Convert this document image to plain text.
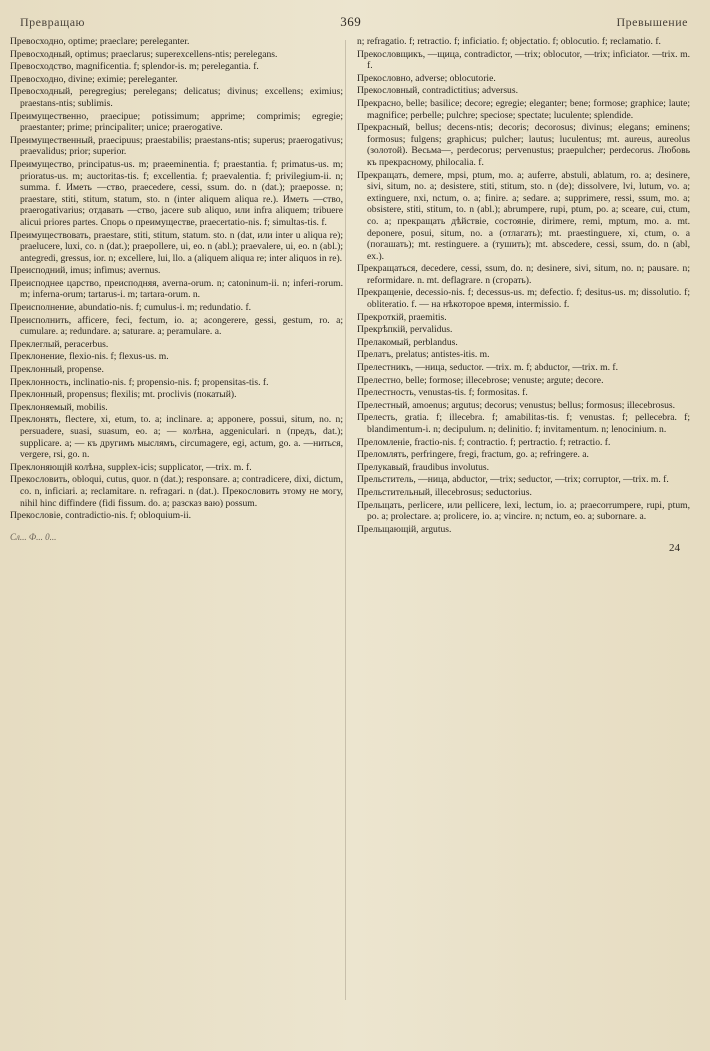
Превращаю	369	Превышение
Превосходно, optime; praeclare; pereleganter.
Превосходный, optimus; praeclarus; superexcellens-ntis; perelegans.
Превосходство, magnificentia. f; splendor-is. m; perelegantia. f.
Превосходно, divine; eximie; pereleganter.
Превосходный, peregregius; perelegans; delicatus; divinus; excellens; eximius; praestans-ntis; sublimis.
Преимущественно, praecipue; potissimum; apprime; comprimis; egregie; praestanter; prime; principaliter; unice; praerogative.
Преимущественный, praecipuus; praestabilis; praestans-ntis; superus; praerogativus; praevalidus; prior; superior.
Преимущество, principatus-us. m; praeeminentia. f; praestantia. f; primatus-us. m; prioratus-us. m; auctoritas-tis. f; excellentia. f; praevalentia. f; privilegium-ii. n; summa. f. Иметь —ство, praecedere, cessi, ssum. do. n (dat.); praeposse. n; praestare, stiti, stitum, statum, sto. n (inter aliquem aliqua re.). Иметь —ство, praerogativarius; отдавать —ство, jacere sub aliquo, или infra aliquem; tribuere alicui priores partes. Спорь о преимуществе, praecertatio-nis. f; simultas-tis. f.
Преимуществовать, praestare, stiti, stitum, statum. sto. n (dat, или inter u aliqua re); praelucere, luxi, co. n (dat.); praepollere, ui, eo. n (abl.); praevalere, ui, eo. n (abl.); antegredi, gressus, ior. n; excellere, lui, llo. a (aliquem aliqua re; inter aliquos in re).
Преисподний, imus; infimus; avernus.
Преисподнее царство, преисподняя, averna-orum. n; catoninum-ii. n; inferi-rorum. m; inferna-orum; tartarus-i. m; tartara-orum. n.
Преисполнение, abundatio-nis. f; cumulus-i. m; redundatio. f.
Преисполнить, afficere, feci, fectum, io. a; acongerere, gessi, gestum, ro. a; cumulare. a; redundare. a; saturare. a; peramulare. a.
Преклеглый, peracerbus.
Преклонение, flexio-nis. f; flexus-us. m.
Преклонный, propense.
Преклонность, inclinatio-nis. f; propensio-nis. f; propensitas-tis. f.
Преклонный, propensus; flexilis; mt. proclivis (покатый).
Преклоняемый, mobilis.
Преклонять, flectere, xi, etum, to. a; inclinare. a; apponere, possui, situm, no. n; persuadere, suasi, suasum, eo. a; — колѣна, aggeniculari. n (предъ, dat.); supplicare. a; — къ другимъ мыслямъ, circumagere, egi, actum, go. a. —ниться, vergere, rsi, go. n.
Преклоняющій колѣна, supplex-icis; supplicator, —trix. m. f.
Прекословить, obloqui, cutus, quor. n (dat.); responsare. a; contradicere, dixi, dictum, co. n, inficiari. a; reclamitare. n. refragari. n (dat.). Прекословить этому не могу, nihil hinc diffindere (fidi fissum. do. a; разсказ ваю) possum.
Прекословіе, contradictio-nis. f; obloquium-ii.
Сл... Ф... 0...
n; refragatio. f; retractio. f; inficiatio. f; objectatio. f; oblocutio. f; reclamatio. f.
Прекословщикъ, —щица, contradictor, —trix; oblocutor, —trix; inficiator. —trix. m. f.
Прекословно, adverse; oblocutorie.
Прекословный, contradictitius; adversus.
Прекрасно, belle; basilice; decore; egregie; eleganter; bene; formose; graphice; laute; magnifice; perbelle; pulchre; speciose; spectate; luculente; splendide.
Прекрасный, bellus; decens-ntis; decoris; decorosus; divinus; elegans; eminens; formosus; fulgens; graphicus; pulcher; lautus; luculentus; mt. aureus, aureolus (золотой). Весьма—, perdecorus; pervenustus; praepulcher; perdecorus. Любовь къ прекрасному, philocalia. f.
Прекращать, demere, mpsi, ptum, mo. a; auferre, abstuli, ablatum, ro. a; desinere, sivi, situm, no. a; desistere, stiti, stitum, sto. n (de); dissolvere, lvi, lutum, vo. a; extinguere, nxi, nctum, o. a; finire. a; sedare. a; supprimere, ressi, ssum, mo. a; obsistere, stiti, stitum, to. n (abl.); abrumpere, rupi, ptum, po. a; sceare, cui, ctum, co. a; прекращать дѣйствіе, состояніе, dirimere, remi, mptum, mo. a. mt. deponere, posui, situm, no. a (отлагать); mt. praestinguere, xi, ctum, o. a (погашать); mt. restinguere. a (тушить); mt. abscedere, cessi, ssum, do. n (abl, ex.).
Прекращаться, decedere, cessi, ssum, do. n; desinere, sivi, situm, no. n; pausare. n; reformidare. n. mt. deflagrare. n (сгорать).
Прекращеніе, decessio-nis. f; decessus-us. m; defectio. f; desitus-us. m; dissolutio. f; obliteratio. f. — на нѣкоторое время, intermissio. f.
Прекроткій, praemitis.
Прекрѣпкій, pervalidus.
Прелакомый, perblandus.
Прелатъ, prelatus; antistes-itis. m.
Прелестникъ, —ница, seductor. —trix. m. f; abductor, —trix. m. f.
Прелестно, belle; formose; illecebrose; venuste; argute; decore.
Прелестность, venustas-tis. f; formositas. f.
Прелестный, amoenus; argutus; decorus; venustus; bellus; formosus; illecebrosus.
Прелесть, gratia. f; illecebra. f; amabilitas-tis. f; venustas. f; pellecebra. f; blandimentum-i. n; decipulum. n; delinitio. f; invitamentum. n; lenocinium. n.
Преломленіе, fractio-nis. f; contractio. f; pertractio. f; retractio. f.
Преломлять, perfringere, fregi, fractum, go. a; refringere. a.
Прелукавый, fraudibus involutus.
Прельститель, —ница, abductor, —trix; seductor, —trix; corruptor, —trix. m. f.
Прельстительный, illecebrosus; seductorius.
Прельщать, perlicere, или pellicere, lexi, lectum, io. a; praecorrumpere, rupi, ptum, po. a; prolectare. a; prolicere, io. a; vincire. n; nctum, eo. a; subornare. a.
Прельщающій, argutus.
24
